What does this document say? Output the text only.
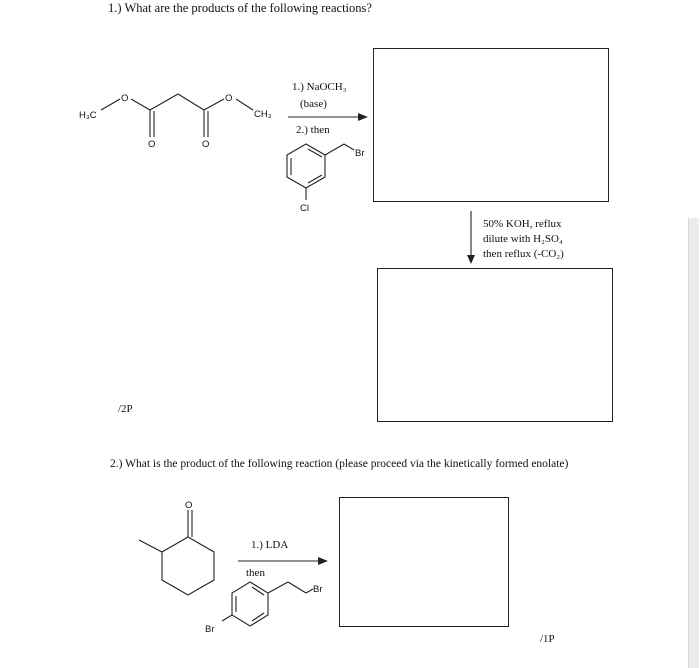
1.) What are the products of the following reactions?
H₃C
O
O	O
O
CH₃
Br
Cl
O
Br
Br
1.) NaOCH₃
(base)
2.) then
50% KOH, reflux
dilute with H₂SO₄
then reflux (-CO₂)
/2P
2.) What is the product of the following reaction (please proceed via the kinetically formed enolate)
1.) LDA
then
/1P
